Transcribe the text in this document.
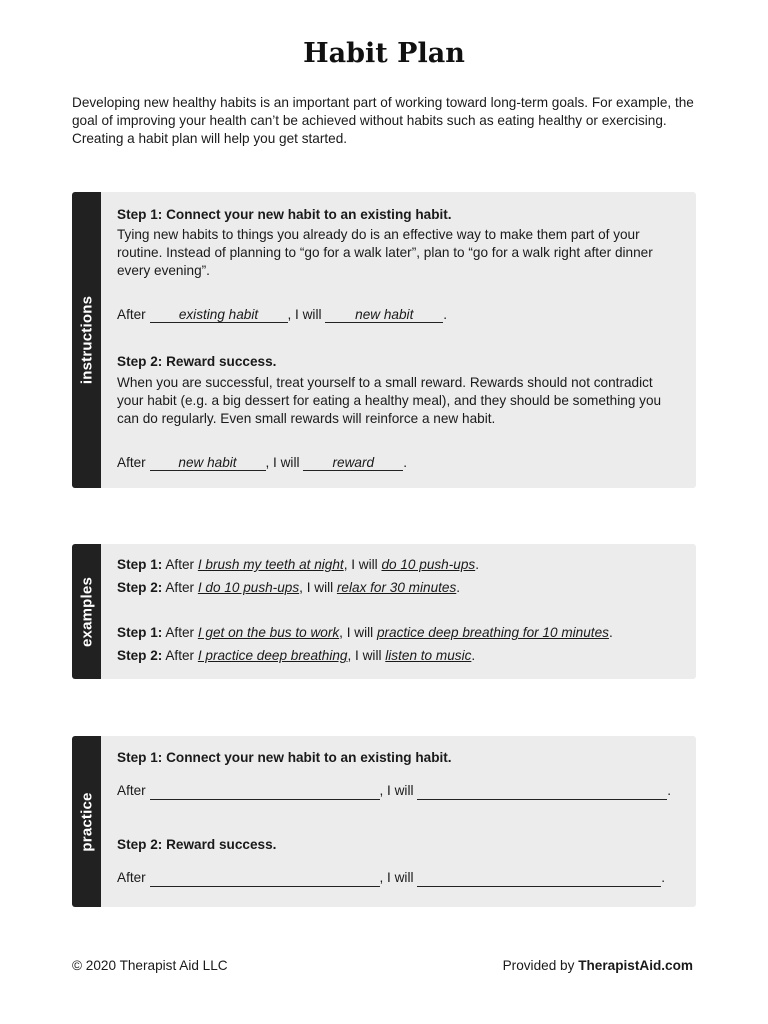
Habit Plan
Developing new healthy habits is an important part of working toward long-term goals. For example, the goal of improving your health can’t be achieved without habits such as eating healthy or exercising. Creating a habit plan will help you get started.
instructions
Step 1: Connect your new habit to an existing habit.
Tying new habits to things you already do is an effective way to make them part of your routine. Instead of planning to “go for a walk later”, plan to “go for a walk right after dinner every evening”.
After existing habit , I will new habit .
Step 2: Reward success.
When you are successful, treat yourself to a small reward. Rewards should not contradict your habit (e.g. a big dessert for eating a healthy meal), and they should be something you can do regularly. Even small rewards will reinforce a new habit.
After new habit , I will reward .
examples
Step 1: After I brush my teeth at night, I will do 10 push-ups.
Step 2: After I do 10 push-ups, I will relax for 30 minutes.
Step 1: After I get on the bus to work, I will practice deep breathing for 10 minutes.
Step 2: After I practice deep breathing, I will listen to music.
practice
Step 1: Connect your new habit to an existing habit.
After	, I will	.
Step 2: Reward success.
After	, I will	.
© 2020 Therapist Aid LLC	Provided by TherapistAid.com
